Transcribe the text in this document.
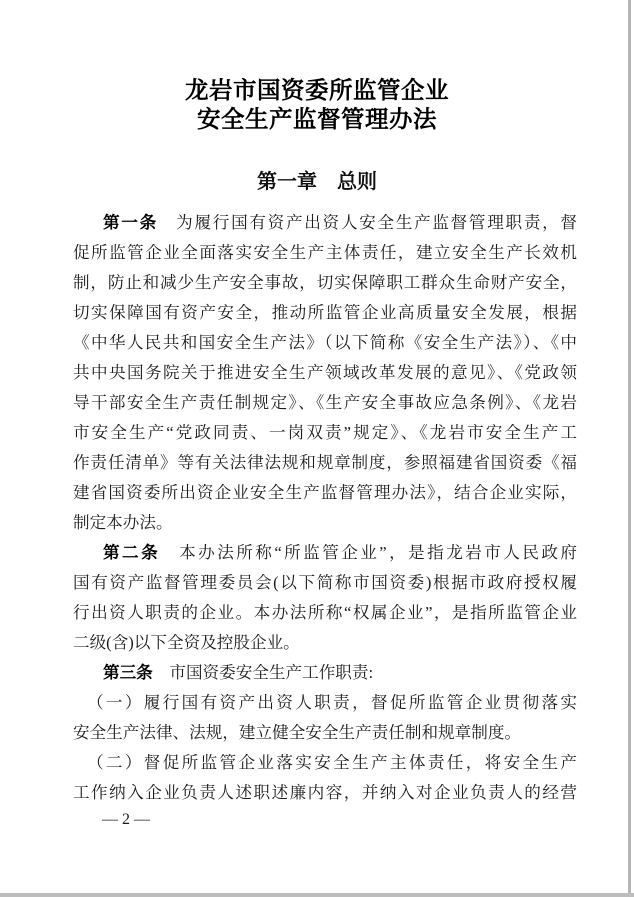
龙岩市国资委所监管企业
安全生产监督管理办法
第一章　总则
第一条　为履行国有资产出资人安全生产监督管理职责，督
促所监管企业全面落实安全生产主体责任，建立安全生产长效机
制，防止和减少生产安全事故，切实保障职工群众生命财产安全，
切实保障国有资产安全，推动所监管企业高质量安全发展，根据
《中华人民共和国安全生产法》（以下简称《安全生产法》）、《中
共中央国务院关于推进安全生产领域改革发展的意见》、《党政领
导干部安全生产责任制规定》、《生产安全事故应急条例》、《龙岩
市安全生产“党政同责、一岗双责”规定》、《龙岩市安全生产工
作责任清单》等有关法律法规和规章制度，参照福建省国资委《福
建省国资委所出资企业安全生产监督管理办法》，结合企业实际，
制定本办法。
第二条　本办法所称“所监管企业”，是指龙岩市人民政府
国有资产监督管理委员会(以下简称市国资委)根据市政府授权履
行出资人职责的企业。本办法所称“权属企业”，是指所监管企业
二级(含)以下全资及控股企业。
第三条　市国资委安全生产工作职责:
（一）履行国有资产出资人职责，督促所监管企业贯彻落实
安全生产法律、法规，建立健全安全生产责任制和规章制度。
（二）督促所监管企业落实安全生产主体责任，将安全生产
工作纳入企业负责人述职述廉内容，并纳入对企业负责人的经营
— 2 —
